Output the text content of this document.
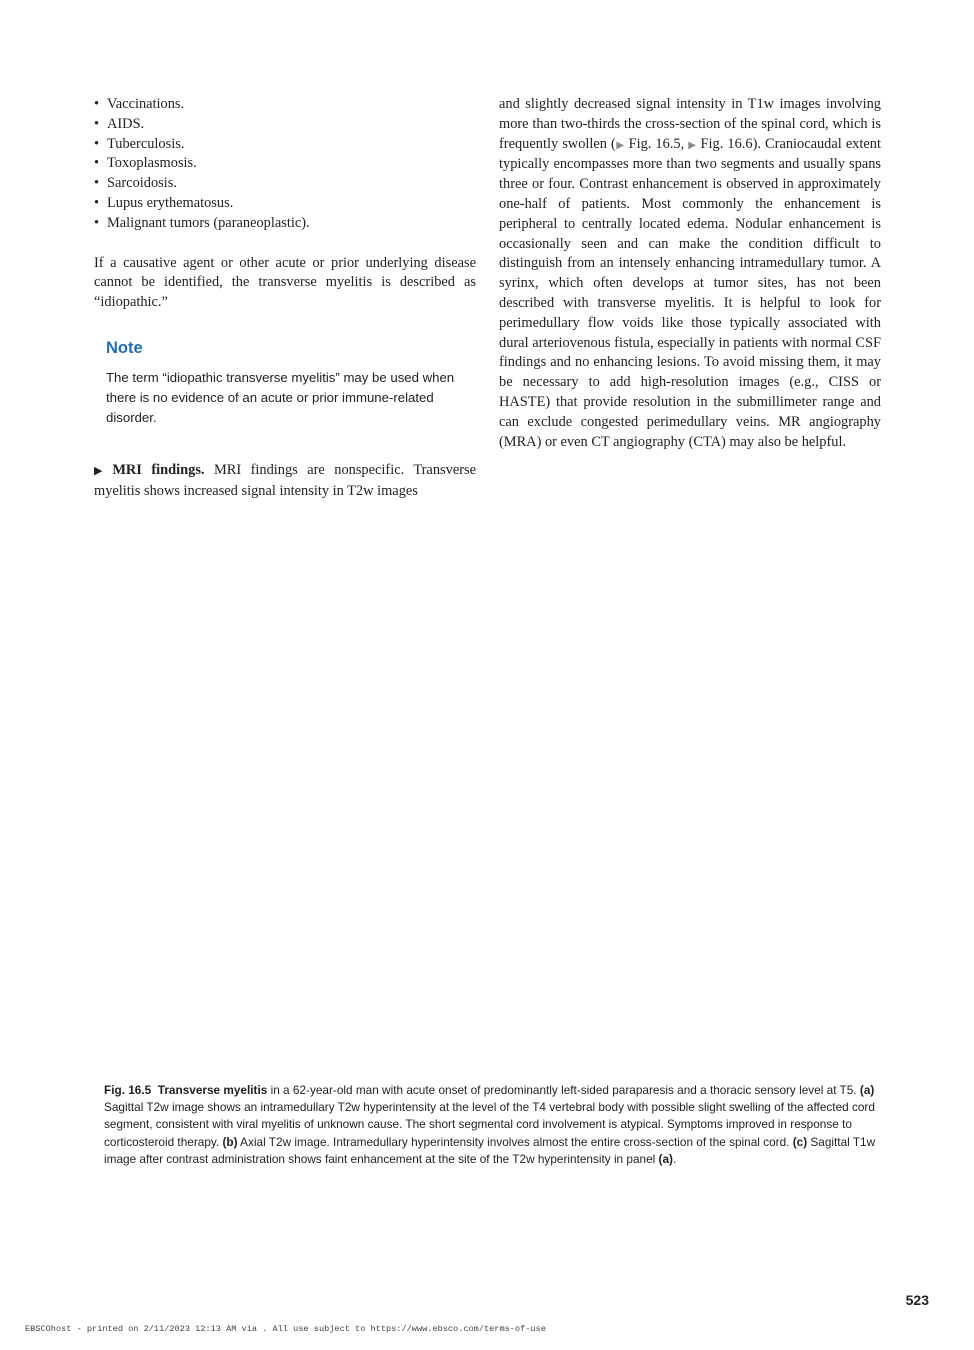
• Vaccinations.
• AIDS.
• Tuberculosis.
• Toxoplasmosis.
• Sarcoidosis.
• Lupus erythematosus.
• Malignant tumors (paraneoplastic).

If a causative agent or other acute or prior underlying disease cannot be identified, the transverse myelitis is described as “idiopathic.”

Note
The term “idiopathic transverse myelitis” may be used when there is no evidence of an acute or prior immune-related disorder.

▶ MRI findings. MRI findings are nonspecific. Transverse myelitis shows increased signal intensity in T2w images

and slightly decreased signal intensity in T1w images involving more than two-thirds the cross-section of the spinal cord, which is frequently swollen (▶ Fig. 16.5, ▶ Fig. 16.6). Craniocaudal extent typically encompasses more than two segments and usually spans three or four. Contrast enhancement is observed in approximately one-half of patients. Most commonly the enhancement is peripheral to centrally located edema. Nodular enhancement is occasionally seen and can make the condition difficult to distinguish from an intensely enhancing intramedullary tumor. A syrinx, which often develops at tumor sites, has not been described with transverse myelitis. It is helpful to look for perimedullary flow voids like those typically associated with dural arteriovenous fistula, especially in patients with normal CSF findings and no enhancing lesions. To avoid missing them, it may be necessary to add high-resolution images (e.g., CISS or HASTE) that provide resolution in the submillimeter range and can exclude congested perimedullary veins. MR angiography (MRA) or even CT angiography (CTA) may also be helpful.

Fig. 16.5 Transverse myelitis in a 62-year-old man with acute onset of predominantly left-sided paraparesis and a thoracic sensory level at T5. (a) Sagittal T2w image shows an intramedullary T2w hyperintensity at the level of the T4 vertebral body with possible slight swelling of the affected cord segment, consistent with viral myelitis of unknown cause. The short segmental cord involvement is atypical. Symptoms improved in response to corticosteroid therapy. (b) Axial T2w image. Intramedullary hyperintensity involves almost the entire cross-section of the spinal cord. (c) Sagittal T1w image after contrast administration shows faint enhancement at the site of the T2w hyperintensity in panel (a).
523
EBSCOhost - printed on 2/11/2023 12:13 AM via . All use subject to https://www.ebsco.com/terms-of-use
